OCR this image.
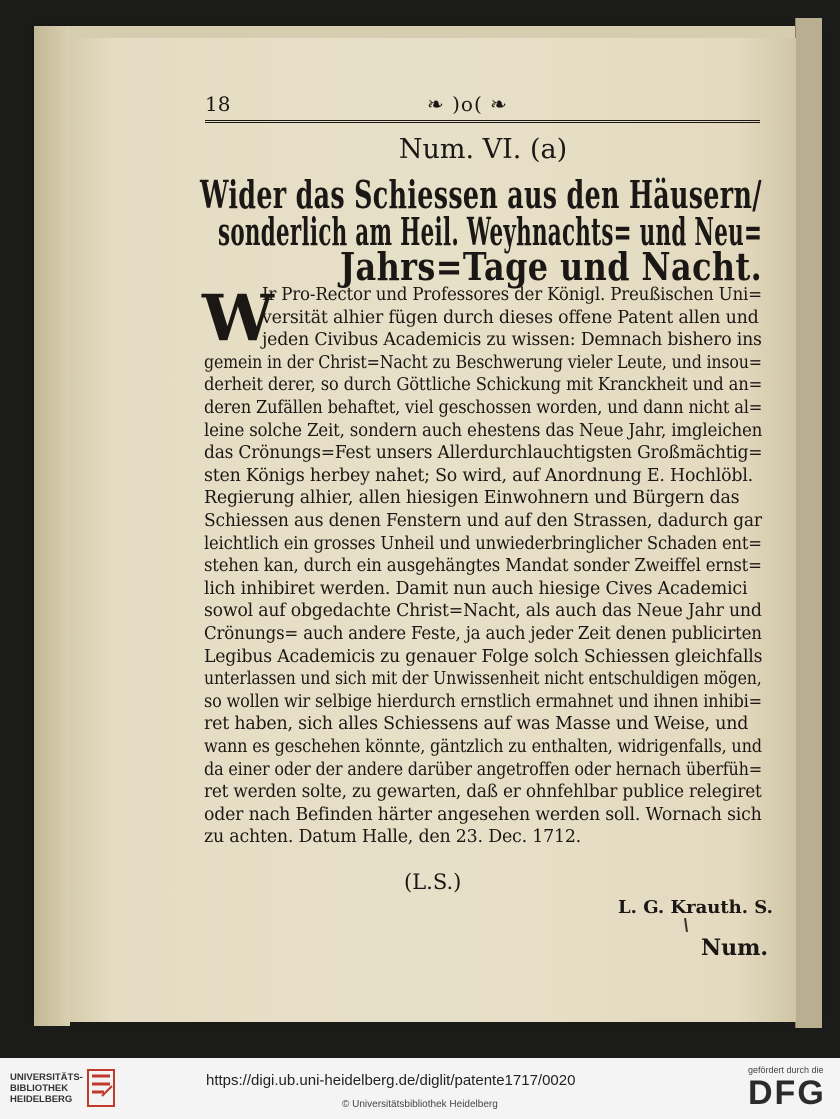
18	❧ )o( ❧
Num. VI. (a)
Wider das Schiessen aus den Häusern/
sonderlich am Heil. Weyhnachts= und Neu=
Jahrs=Tage und Nacht.
W
Ir Pro-Rector und Professores der Königl. Preußischen Uni=
versität alhier fügen durch dieses offene Patent allen und
jeden Civibus Academicis zu wissen: Demnach bishero ins
gemein in der Christ=Nacht zu Beschwerung vieler Leute, und insou=
derheit derer, so durch Göttliche Schickung mit Kranckheit und an=
deren Zufällen behaftet, viel geschossen worden, und dann nicht al=
leine solche Zeit, sondern auch ehestens das Neue Jahr, imgleichen
das Crönungs=Fest unsers Allerdurchlauchtigsten Großmächtig=
sten Königs herbey nahet; So wird, auf Anordnung E. Hochlöbl.
Regierung alhier, allen hiesigen Einwohnern und Bürgern das
Schiessen aus denen Fenstern und auf den Strassen, dadurch gar
leichtlich ein grosses Unheil und unwiederbringlicher Schaden ent=
stehen kan, durch ein ausgehängtes Mandat sonder Zweiffel ernst=
lich inhibiret werden. Damit nun auch hiesige Cives Academici
sowol auf obgedachte Christ=Nacht, als auch das Neue Jahr und
Crönungs= auch andere Feste, ja auch jeder Zeit denen publicirten
Legibus Academicis zu genauer Folge solch Schiessen gleichfalls
unterlassen und sich mit der Unwissenheit nicht entschuldigen mögen,
so wollen wir selbige hierdurch ernstlich ermahnet und ihnen inhibi=
ret haben, sich alles Schiessens auf was Masse und Weise, und
wann es geschehen könnte, gäntzlich zu enthalten, widrigenfalls, und
da einer oder der andere darüber angetroffen oder hernach überfüh=
ret werden solte, zu gewarten, daß er ohnfehlbar publice relegiret
oder nach Befinden härter angesehen werden soll. Wornach sich
zu achten. Datum Halle, den 23. Dec. 1712.
(L.S.)
L. G. Krauth. S.
Num.
UNIVERSITÄTS-
BIBLIOTHEK
HEIDELBERG
https://digi.ub.uni-heidelberg.de/diglit/patente1717/0020
© Universitätsbibliothek Heidelberg
gefördert durch die
DFG
